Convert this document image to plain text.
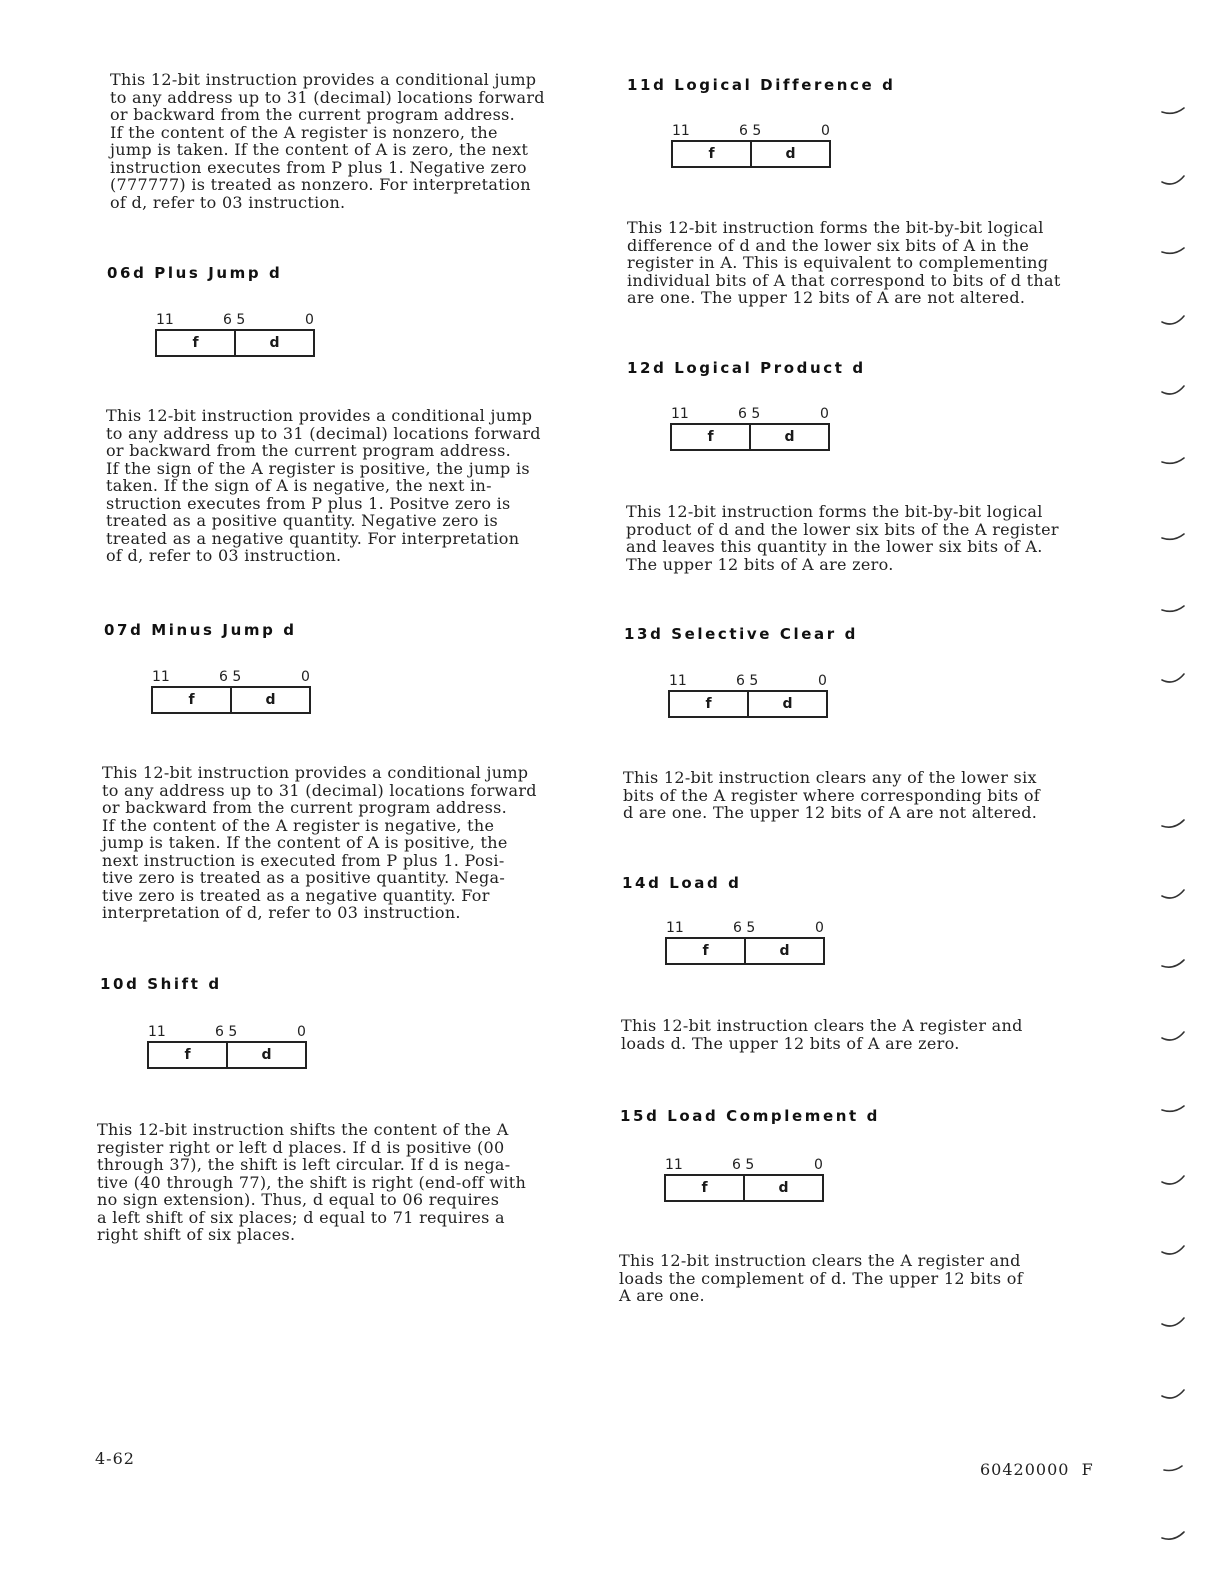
This 12-bit instruction provides a conditional jump
to any address up to 31 (decimal) locations forward
or backward from the current program address.
If the content of the A register is nonzero, the
jump is taken. If the content of A is zero, the next
instruction executes from P plus 1. Negative zero
(777777) is treated as nonzero. For interpretation
of d, refer to 03 instruction.

06d Plus Jump d
11	6 5	0
f	d

This 12-bit instruction provides a conditional jump
to any address up to 31 (decimal) locations forward
or backward from the current program address.
If the sign of the A register is positive, the jump is
taken. If the sign of A is negative, the next in-
struction executes from P plus 1. Positve zero is
treated as a positive quantity. Negative zero is
treated as a negative quantity. For interpretation
of d, refer to 03 instruction.

07d Minus Jump d
11	6 5	0
f	d

This 12-bit instruction provides a conditional jump
to any address up to 31 (decimal) locations forward
or backward from the current program address.
If the content of the A register is negative, the
jump is taken. If the content of A is positive, the
next instruction is executed from P plus 1. Posi-
tive zero is treated as a positive quantity. Nega-
tive zero is treated as a negative quantity. For
interpretation of d, refer to 03 instruction.

10d Shift d
11	6 5	0
f	d

This 12-bit instruction shifts the content of the A
register right or left d places. If d is positive (00
through 37), the shift is left circular. If d is nega-
tive (40 through 77), the shift is right (end-off with
no sign extension). Thus, d equal to 06 requires
a left shift of six places; d equal to 71 requires a
right shift of six places.

11d Logical Difference d
11	6 5	0
f	d

This 12-bit instruction forms the bit-by-bit logical
difference of d and the lower six bits of A in the
register in A. This is equivalent to complementing
individual bits of A that correspond to bits of d that
are one. The upper 12 bits of A are not altered.

12d Logical Product d
11	6 5	0
f	d

This 12-bit instruction forms the bit-by-bit logical
product of d and the lower six bits of the A register
and leaves this quantity in the lower six bits of A.
The upper 12 bits of A are zero.

13d Selective Clear d
11	6 5	0
f	d

This 12-bit instruction clears any of the lower six
bits of the A register where corresponding bits of
d are one. The upper 12 bits of A are not altered.

14d Load d
11	6 5	0
f	d

This 12-bit instruction clears the A register and
loads d. The upper 12 bits of A are zero.

15d Load Complement d
11	6 5	0
f	d

This 12-bit instruction clears the A register and
loads the complement of d. The upper 12 bits of
A are one.

4-62

60420000  F
